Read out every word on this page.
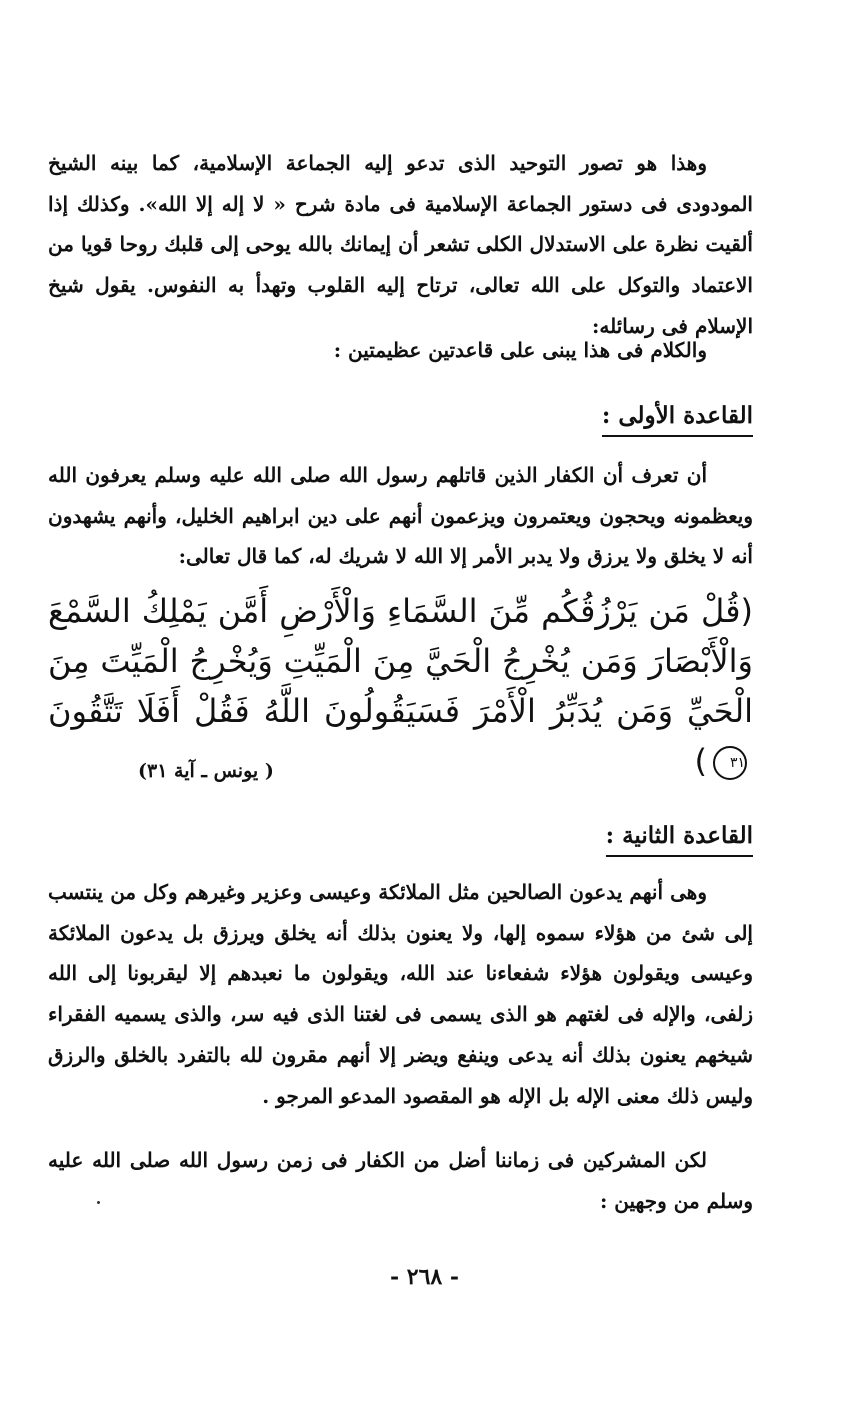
وهذا هو تصور التوحيد الذى تدعو إليه الجماعة الإسلامية، كما بينه الشيخ المودودى فى دستور الجماعة الإسلامية فى مادة شرح « لا إله إلا الله». وكذلك إذا ألقيت نظرة على الاستدلال الكلى تشعر أن إيمانك بالله يوحى إلى قلبك روحا قويا من الاعتماد والتوكل على الله تعالى، ترتاح إليه القلوب وتهدأ به النفوس. يقول شيخ الإسلام فى رسائله:

والكلام فى هذا يبنى على قاعدتين عظيمتين :

القاعدة الأولى:

أن تعرف أن الكفار الذين قاتلهم رسول الله صلى الله عليه وسلم يعرفون الله ويعظمونه ويحجون ويعتمرون ويزعمون أنهم على دين ابراهيم الخليل، وأنهم يشهدون أنه لا يخلق ولا يرزق ولا يدبر الأمر إلا الله لا شريك له، كما قال تعالى:

(قُلْ مَن يَرْزُقُكُم مِّنَ السَّمَاءِ وَالْأَرْضِ أَمَّن يَمْلِكُ السَّمْعَ وَالْأَبْصَارَ وَمَن يُخْرِجُ الْحَيَّ مِنَ الْمَيِّتِ وَيُخْرِجُ الْمَيِّتَ مِنَ الْحَيِّ وَمَن يُدَبِّرُ الْأَمْرَ فَسَيَقُولُونَ اللَّهُ فَقُلْ أَفَلَا تَتَّقُونَ٣١)

( يونس ـ آية ٣١)

القاعدة الثانية:

وهى أنهم يدعون الصالحين مثل الملائكة وعيسى وعزير وغيرهم وكل من ينتسب إلى شئ من هؤلاء سموه إلها، ولا يعنون بذلك أنه يخلق ويرزق بل يدعون الملائكة وعيسى ويقولون هؤلاء شفعاءنا عند الله، ويقولون ما نعبدهم إلا ليقربونا إلى الله زلفى، والإله فى لغتهم هو الذى يسمى فى لغتنا الذى فيه سر، والذى يسميه الفقراء شيخهم يعنون بذلك أنه يدعى وينفع ويضر إلا أنهم مقرون لله بالتفرد بالخلق والرزق وليس ذلك معنى الإله بل الإله هو المقصود المدعو المرجو .

لكن المشركين فى زماننا أضل من الكفار فى زمن رسول الله صلى الله عليه وسلم من وجهين :

- ٢٦٨ -
